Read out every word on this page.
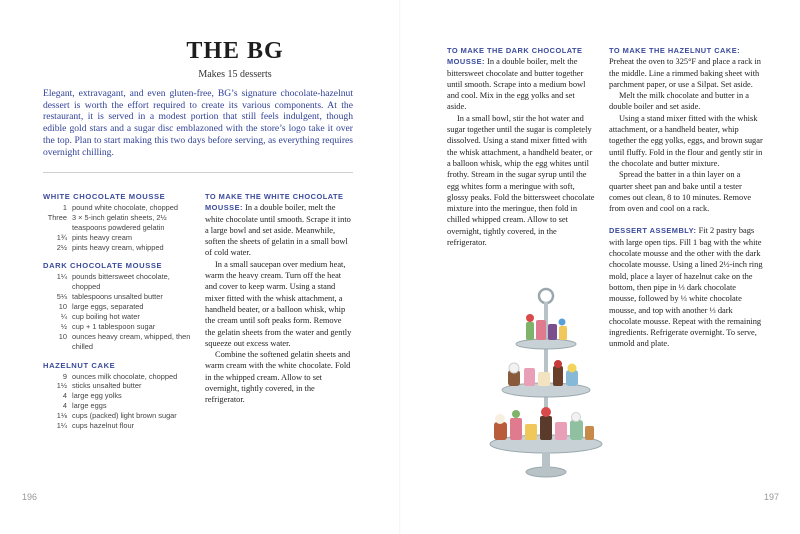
THE BG
Makes 15 desserts
Elegant, extravagant, and even gluten-free, BG’s signature chocolate-hazelnut dessert is worth the effort required to create its various components. At the restaurant, it is served in a modest portion that still feels indulgent, though edible gold stars and a sugar disc emblazoned with the store’s logo take it over the top. Plan to start making this two days before serving, as everything requires overnight chilling.
WHITE CHOCOLATE MOUSSE
1 pound white chocolate, chopped
Three 3 × 5-inch gelatin sheets, 2½ teaspoons powdered gelatin
1¾ pints heavy cream
2½ pints heavy cream, whipped
DARK CHOCOLATE MOUSSE
1¼ pounds bittersweet chocolate, chopped
5⅓ tablespoons unsalted butter
10 large eggs, separated
¼ cup boiling hot water
½ cup + 1 tablespoon sugar
10 ounces heavy cream, whipped, then chilled
HAZELNUT CAKE
9 ounces milk chocolate, chopped
1½ sticks unsalted butter
4 large egg yolks
4 large eggs
1⅛ cups (packed) light brown sugar
1¼ cups hazelnut flour

TO MAKE THE WHITE CHOCOLATE MOUSSE: In a double boiler, melt the white chocolate until smooth. Scrape it into a large bowl and set aside. Meanwhile, soften the sheets of gelatin in a small bowl of cold water.

In a small saucepan over medium heat, warm the heavy cream. Turn off the heat and cover to keep warm. Using a stand mixer fitted with the whisk attachment, a handheld beater, or a balloon whisk, whip the cream until soft peaks form. Remove the gelatin sheets from the water and gently squeeze out excess water.

Combine the softened gelatin sheets and warm cream with the white chocolate. Fold in the whipped cream. Allow to set overnight, tightly covered, in the refrigerator.

196

TO MAKE THE DARK CHOCOLATE MOUSSE: In a double boiler, melt the bittersweet chocolate and butter together until smooth. Scrape into a medium bowl and cool. Mix in the egg yolks and set aside.

In a small bowl, stir the hot water and sugar together until the sugar is completely dissolved. Using a stand mixer fitted with the whisk attachment, a handheld beater, or a balloon whisk, whip the egg whites until frothy. Stream in the sugar syrup until the egg whites form a meringue with soft, glossy peaks. Fold the bittersweet chocolate mixture into the meringue, then fold in chilled whipped cream. Allow to set overnight, tightly covered, in the refrigerator.

TO MAKE THE HAZELNUT CAKE: Preheat the oven to 325°F and place a rack in the middle. Line a rimmed baking sheet with parchment paper, or use a Silpat. Set aside.

Melt the milk chocolate and butter in a double boiler and set aside.

Using a stand mixer fitted with the whisk attachment, or a handheld beater, whip together the egg yolks, eggs, and brown sugar until fluffy. Fold in the flour and gently stir in the chocolate and butter mixture.

Spread the batter in a thin layer on a quarter sheet pan and bake until a tester comes out clean, 8 to 10 minutes. Remove from oven and cool on a rack.

DESSERT ASSEMBLY: Fit 2 pastry bags with large open tips. Fill 1 bag with the white chocolate mousse and the other with the dark chocolate mousse. Using a lined 2½-inch ring mold, place a layer of hazelnut cake on the bottom, then pipe in ⅓ dark chocolate mousse, followed by ⅓ white chocolate mousse, and top with another ⅓ dark chocolate mousse. Repeat with the remaining ingredients. Refrigerate overnight. To serve, unmold and plate.

197
